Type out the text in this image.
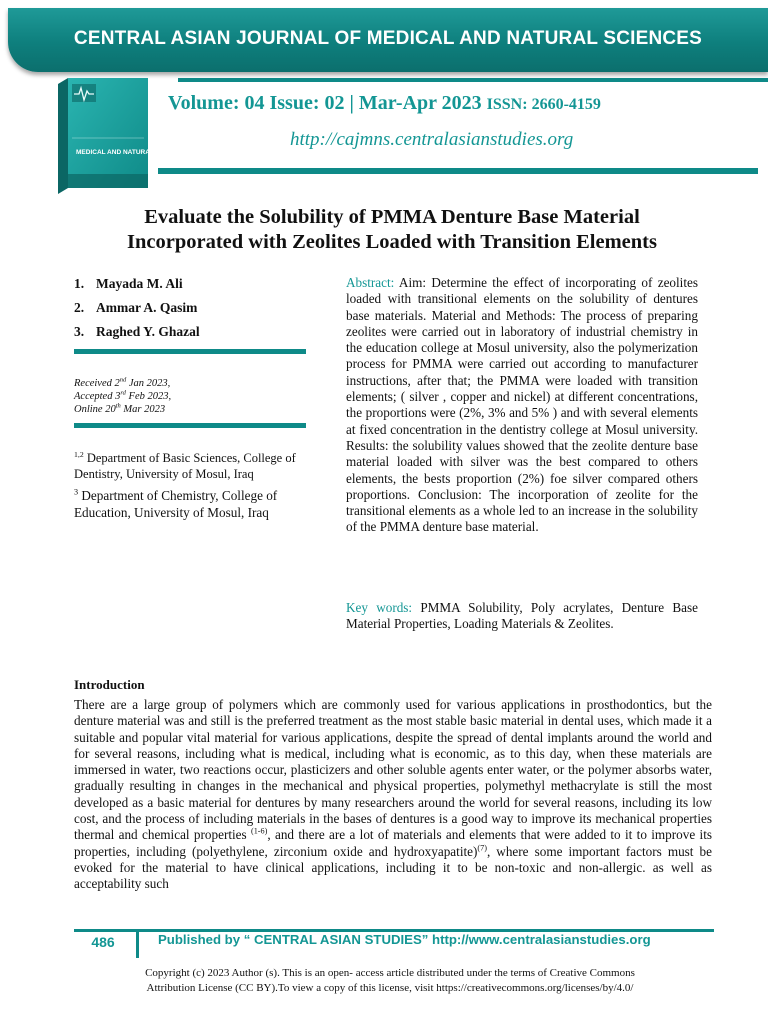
CENTRAL ASIAN JOURNAL OF MEDICAL AND NATURAL SCIENCES
MEDICAL AND NATURAL SCIENCES
Volume: 04 Issue: 02 | Mar-Apr 2023 ISSN: 2660-4159
http://cajmns.centralasianstudies.org
Evaluate the Solubility of PMMA Denture Base Material
Incorporated with Zeolites Loaded with Transition Elements
1. Mayada M. Ali
2. Ammar A. Qasim
3. Raghed Y. Ghazal
Received 2nd Jan 2023,
Accepted 3rd Feb 2023,
Online 20th Mar 2023
$^{1,2}$ Department of Basic Sciences, College of Dentistry, University of Mosul, Iraq
$^3$ Department of Chemistry, College of Education, University of Mosul, Iraq
Abstract: Aim: Determine the effect of incorporating of zeolites loaded with transitional elements on the solubility of dentures base materials. Material and Methods: The process of preparing zeolites were carried out in laboratory of industrial chemistry in the education college at Mosul university, also the polymerization process for PMMA were carried out according to manufacturer instructions, after that; the PMMA were loaded with transition elements; ( silver , copper and nickel) at different concentrations, the proportions were (2%, 3% and 5% ) and with several elements at fixed concentration in the dentistry college at Mosul university. Results: the solubility values showed that the zeolite denture base material loaded with silver was the best compared to others elements, the bests proportion (2%) foe silver compared others proportions. Conclusion: The incorporation of zeolite for the transitional elements as a whole led to an increase in the solubility of the PMMA denture base material.
Key words: PMMA Solubility, Poly acrylates, Denture Base Material Properties, Loading Materials & Zeolites.
Introduction
There are a large group of polymers which are commonly used for various applications in prosthodontics, but the denture material was and still is the preferred treatment as the most stable basic material in dental uses, which made it a suitable and popular vital material for various applications, despite the spread of dental implants around the world and for several reasons, including what is medical, including what is economic, as to this day, when these materials are immersed in water, two reactions occur, plasticizers and other soluble agents enter water, or the polymer absorbs water, gradually resulting in changes in the mechanical and physical properties, polymethyl methacrylate is still the most developed as a basic material for dentures by many researchers around the world for several reasons, including its low cost, and the process of including materials in the bases of dentures is a good way to improve its mechanical properties thermal and chemical properties $^{(1-6)}$, and there are a lot of materials and elements that were added to it to improve its properties, including (polyethylene, zirconium oxide and hydroxyapatite)$^{(7)}$, where some important factors must be evoked for the material to have clinical applications, including it to be non-toxic and non-allergic. as well as acceptability such
486	Published by “ CENTRAL ASIAN STUDIES” http://www.centralasianstudies.org
Copyright (c) 2023 Author (s). This is an open- access article distributed under the terms of Creative Commons
Attribution License (CC BY).To view a copy of this license, visit https://creativecommons.org/licenses/by/4.0/
